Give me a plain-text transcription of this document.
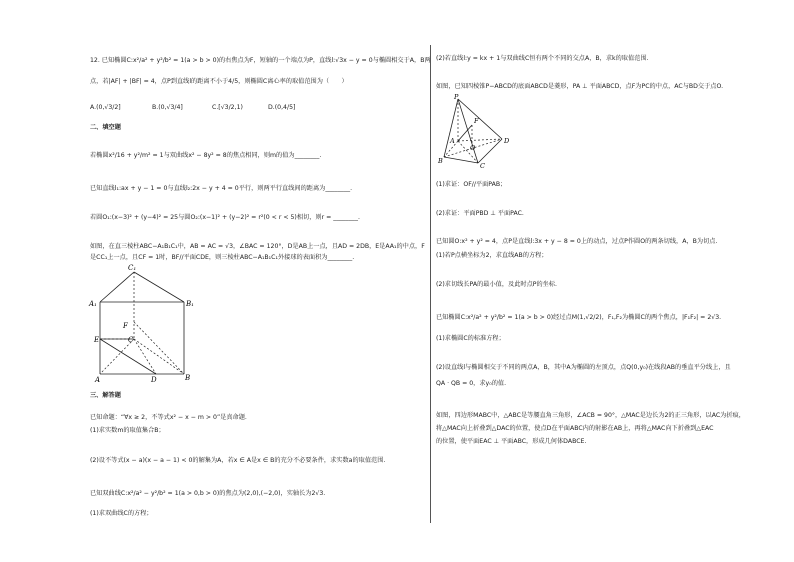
12. 已知椭圆C:x²/a² + y²/b² = 1(a > b > 0)的右焦点为F，短轴的一个端点为P，直线l:√3x − y = 0与椭圆相交于A，B两
点，若|AF| + |BF| = 4，点P到直线l的距离不小于4/5，则椭圆C离心率的取值范围为（　　）
A.(0,√3/2]	B.(0,√3/4]	C.[√3/2,1)	D.(0,4/5]
二、填空题
若椭圆x²/16 + y²/m² = 1与双曲线x² − 8y² = 8的焦点相同，则m的值为________.
已知直线l₁:ax + y − 1 = 0与直线l₂:2x − y + 4 = 0平行，则两平行直线间的距离为________.
若圆O₁:(x−3)² + (y−4)² = 25与圆O₂:(x−1)² + (y−2)² = r²(0 < r < 5)相切，则r = ________.
如图，在直三棱柱ABC−A₁B₁C₁中，AB = AC = √3，∠BAC = 120°，D是AB上一点，且AD = 2DB，E是AA₁的中点，F
是CC₁上一点，且CF = 1时，BF//平面CDE，则三棱柱ABC−A₁B₁C₁外接球的表面积为________.
C₁
A₁	B₁
E
F
C
A	D	B
三、解答题
已知命题：“∀x ≥ 2，不等式x² − x − m > 0”是真命题.
(1)求实数m的取值集合B；
(2)设不等式(x − a)(x − a − 1) < 0的解集为A，若x ∈ A是x ∈ B的充分不必要条件，求实数a的取值范围.
已知双曲线C:x²/a² − y²/b² = 1(a > 0,b > 0)的焦点为(2,0),(−2,0)，实轴长为2√3.
(1)求双曲线C的方程；
(2)若直线l:y = kx + 1与双曲线C恒有两个不同的交点A，B，求k的取值范围.
如图，已知四棱锥P−ABCD的底面ABCD是菱形，PA ⊥ 平面ABCD，点F为PC的中点，AC与BD交于点O.
P
F
A	D
O
B
C
(1)求证：OF//平面PAB；
(2)求证：平面PBD ⊥ 平面PAC.
已知圆O:x² + y² = 4，点P是直线l:3x + y − 8 = 0上的动点，过点P作圆O的两条切线，A，B为切点.
(1)若P点横坐标为2，求直线AB的方程；
(2)求切线长PA的最小值，及此时点P的坐标.
已知椭圆C:x²/a² + y²/b² = 1(a > b > 0)经过点M(1,√2/2)，F₁,F₂为椭圆C的两个焦点，|F₁F₂| = 2√3.
(1)求椭圆C的标准方程；
(2)设直线l与椭圆相交于不同的两点A，B，其中A为椭圆的左顶点，点Q(0,y₀)在线段AB的垂直平分线上，且
QA · QB = 0，求y₀的值.
如图，四边形MABC中，△ABC是等腰直角三角形，∠ACB = 90°，△MAC是边长为2的正三角形，以AC为折痕，
将△MAC向上折叠到△DAC的位置，使点D在平面ABC内的射影在AB上，再将△MAC向下折叠到△EAC
的位置，使平面EAC ⊥ 平面ABC，形成几何体DABCE.
